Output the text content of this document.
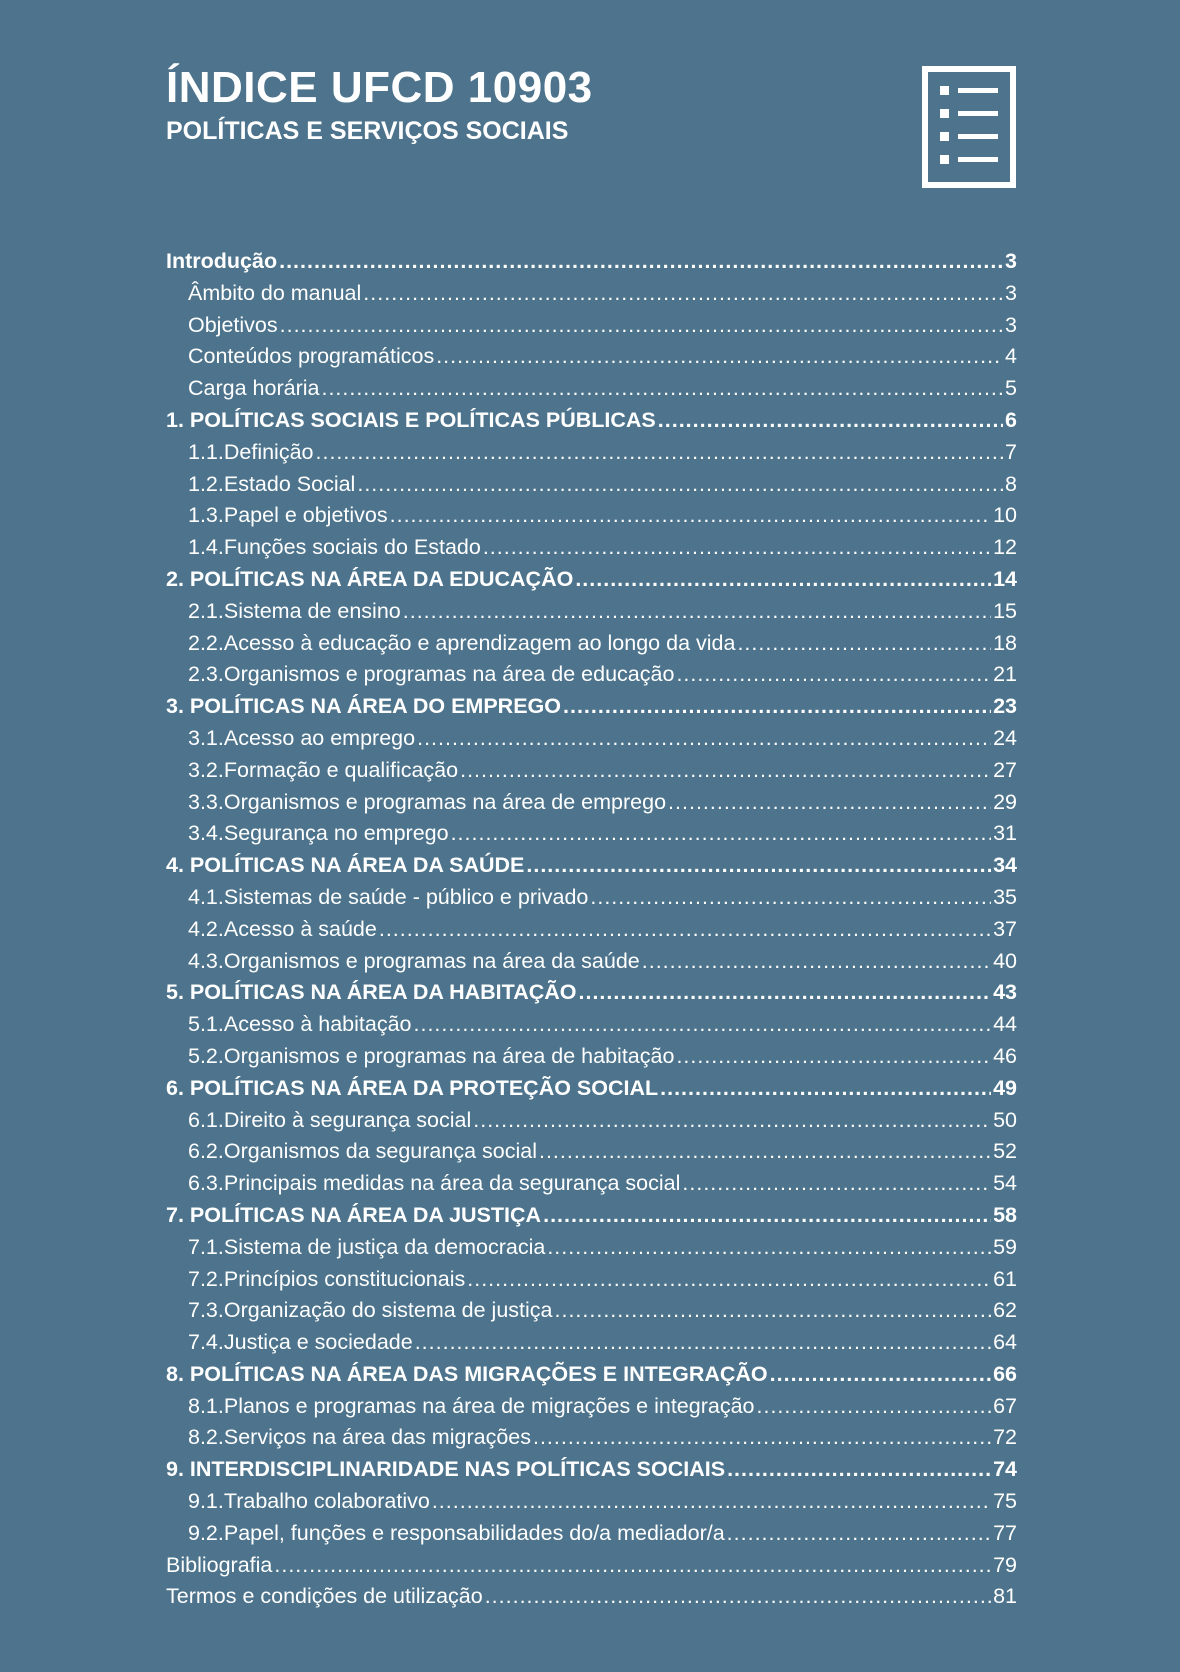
ÍNDICE UFCD 10903
POLÍTICAS E SERVIÇOS SOCIAIS
Introdução .....	3
Âmbito do manual .....	3
Objetivos .....	3
Conteúdos programáticos .....	4
Carga horária .....	5
1. POLÍTICAS SOCIAIS E POLÍTICAS PÚBLICAS .....	6
1.1.Definição .....	7
1.2.Estado Social .....	8
1.3.Papel e objetivos .....	10
1.4.Funções sociais do Estado .....	12
2. POLÍTICAS NA ÁREA DA EDUCAÇÃO .....	14
2.1.Sistema de ensino .....	15
2.2.Acesso à educação e aprendizagem ao longo da vida .....	18
2.3.Organismos e programas na área de educação .....	21
3. POLÍTICAS NA ÁREA DO EMPREGO .....	23
3.1.Acesso ao emprego .....	24
3.2.Formação e qualificação .....	27
3.3.Organismos e programas na área de emprego .....	29
3.4.Segurança no emprego .....	31
4. POLÍTICAS NA ÁREA DA SAÚDE .....	34
4.1.Sistemas de saúde - público e privado .....	35
4.2.Acesso à saúde .....	37
4.3.Organismos e programas na área da saúde .....	40
5. POLÍTICAS NA ÁREA DA HABITAÇÃO .....	43
5.1.Acesso à habitação .....	44
5.2.Organismos e programas na área de habitação .....	46
6. POLÍTICAS NA ÁREA DA PROTEÇÃO SOCIAL .....	49
6.1.Direito à segurança social .....	50
6.2.Organismos da segurança social .....	52
6.3.Principais medidas na área da segurança social .....	54
7. POLÍTICAS NA ÁREA DA JUSTIÇA .....	58
7.1.Sistema de justiça da democracia .....	59
7.2.Princípios constitucionais .....	61
7.3.Organização do sistema de justiça .....	62
7.4.Justiça e sociedade .....	64
8. POLÍTICAS NA ÁREA DAS MIGRAÇÕES E INTEGRAÇÃO .....	66
8.1.Planos e programas na área de migrações e integração .....	67
8.2.Serviços na área das migrações .....	72
9. INTERDISCIPLINARIDADE NAS POLÍTICAS SOCIAIS .....	74
9.1.Trabalho colaborativo .....	75
9.2.Papel, funções e responsabilidades do/a mediador/a .....	77
Bibliografia .....	79
Termos e condições de utilização .....	81
